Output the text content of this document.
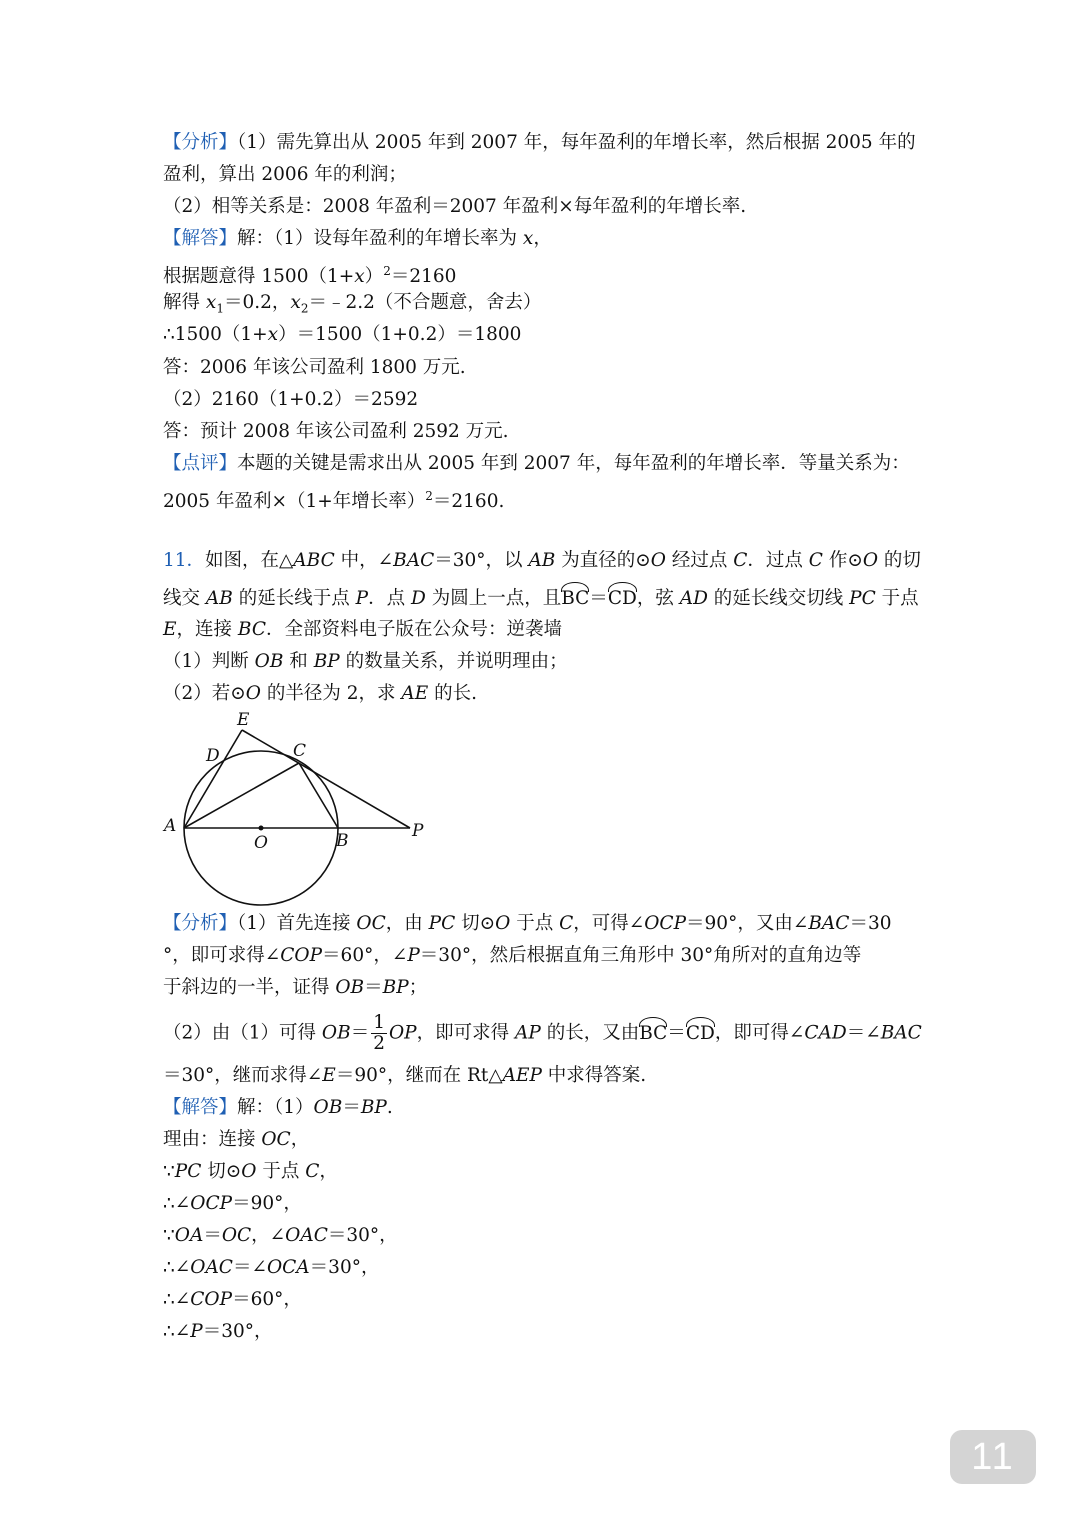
【分析】（1）需先算出从 2005 年到 2007 年，每年盈利的年增长率，然后根据 2005 年的

盈利，算出 2006 年的利润；

（2）相等关系是：2008 年盈利＝2007 年盈利×每年盈利的年增长率.

【解答】解：（1）设每年盈利的年增长率为 x，

根据题意得 $1500(1+x)^2=2160$

解得 $x_1=0.2$，$x_2=﹣2.2$（不合题意，舍去）

∴1500（1+x）＝1500（1+0.2）＝1800

答：2006 年该公司盈利 1800 万元.

（2）2160（1+0.2）＝2592

答：预计 2008 年该公司盈利 2592 万元.

【点评】本题的关键是需求出从 2005 年到 2007 年，每年盈利的年增长率．等量关系为：

2005 年盈利×（1+年增长率）$^2$＝2160.

11．如图，在△ABC 中，∠BAC＝30°，以 AB 为直径的⊙O 经过点 C．过点 C 作⊙O 的切

线交 AB 的延长线于点 P．点 D 为圆上一点，且BC＝CD，弦 AD 的延长线交切线 PC 于点

E，连接 BC．全部资料电子版在公众号：逆袭墙

（1）判断 OB 和 BP 的数量关系，并说明理由；

（2）若⊙O 的半径为 2，求 AE 的长.

E
D	C
A
O	B	P

【分析】（1）首先连接 OC，由 PC 切⊙O 于点 C，可得∠OCP＝90°，又由∠BAC＝30

°，即可求得∠COP＝60°，∠P＝30°，然后根据直角三角形中 30°角所对的直角边等

于斜边的一半，证得 OB＝BP；

（2）由（1）可得 $OB= \frac{1}{2}$ OP，即可求得 AP 的长，又由BC＝CD，即可得∠CAD＝∠BAC

＝30°，继而求得∠E＝90°，继而在 Rt△AEP 中求得答案.

【解答】解：（1）OB＝BP.

理由：连接 OC，

∵PC 切⊙O 于点 C，

∴∠OCP＝90°，

∵OA＝OC，∠OAC＝30°，

∴∠OAC＝∠OCA＝30°，

∴∠COP＝60°，

∴∠P＝30°，

11
